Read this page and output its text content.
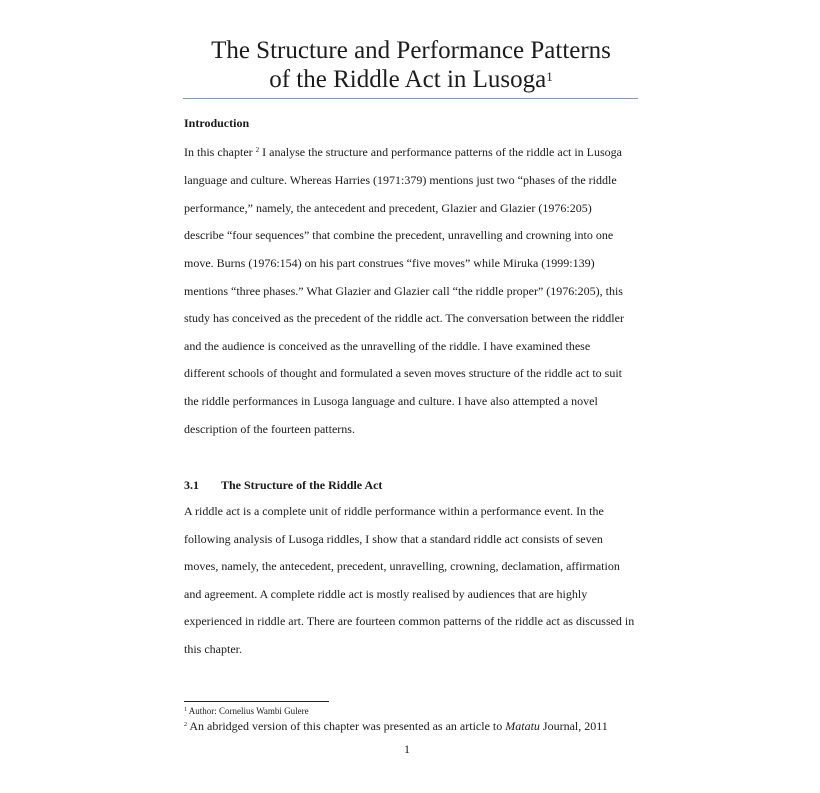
The Structure and Performance Patterns
of the Riddle Act in Lusoga$^1$
Introduction
In this chapter $^2$ I analyse the structure and performance patterns of the riddle act in Lusoga
language and culture. Whereas Harries (1971:379) mentions just two “phases of the riddle
performance,” namely, the antecedent and precedent, Glazier and Glazier (1976:205)
describe “four sequences” that combine the precedent, unravelling and crowning into one
move. Burns (1976:154) on his part construes “five moves” while Miruka (1999:139)
mentions “three phases.” What Glazier and Glazier call “the riddle proper” (1976:205), this
study has conceived as the precedent of the riddle act. The conversation between the riddler
and the audience is conceived as the unravelling of the riddle. I have examined these
different schools of thought and formulated a seven moves structure of the riddle act to suit
the riddle performances in Lusoga language and culture. I have also attempted a novel
description of the fourteen patterns.
3.1 The Structure of the Riddle Act
A riddle act is a complete unit of riddle performance within a performance event. In the
following analysis of Lusoga riddles, I show that a standard riddle act consists of seven
moves, namely, the antecedent, precedent, unravelling, crowning, declamation, affirmation
and agreement. A complete riddle act is mostly realised by audiences that are highly
experienced in riddle art. There are fourteen common patterns of the riddle act as discussed in
this chapter.
$^1$ Author: Cornelius Wambi Gulere
$^2$ An abridged version of this chapter was presented as an article to Matatu Journal, 2011
1
